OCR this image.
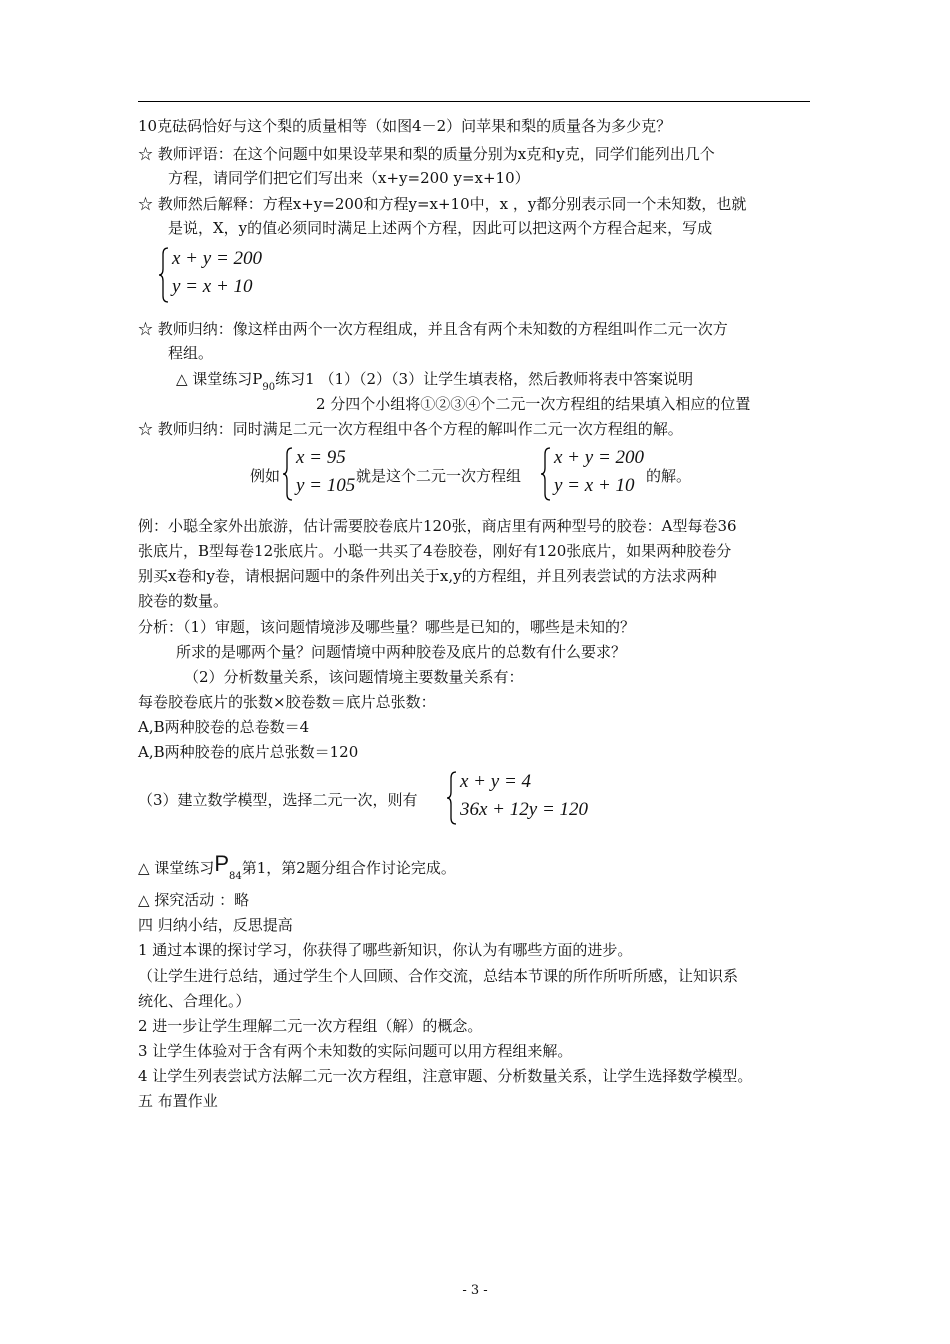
10克砝码恰好与这个梨的质量相等（如图4－2）问苹果和梨的质量各为多少克？
☆ 教师评语：在这个问题中如果设苹果和梨的质量分别为x克和y克，同学们能列出几个
方程，请同学们把它们写出来（x+y=200 y=x+10）
☆ 教师然后解释：方程x+y=200和方程y=x+10中，x ，y都分别表示同一个未知数，也就
是说，X，y的值必须同时满足上述两个方程，因此可以把这两个方程合起来，写成
x + y = 200
y = x + 10
☆ 教师归纳：像这样由两个一次方程组成，并且含有两个未知数的方程组叫作二元一次方
程组。
△ 课堂练习$P_{90}$练习1 （1）（2）（3）让学生填表格，然后教师将表中答案说明
2 分四个小组将①②③④个二元一次方程组的结果填入相应的位置
☆ 教师归纳：同时满足二元一次方程组中各个方程的解叫作二元一次方程组的解。
例如
x = 95
y = 105 就是这个二元一次方程组
x + y = 200
y = x + 10 的解。
例：小聪全家外出旅游，估计需要胶卷底片120张，商店里有两种型号的胶卷：A型每卷36
张底片，B型每卷12张底片。小聪一共买了4卷胶卷，刚好有120张底片，如果两种胶卷分
别买x卷和y卷，请根据问题中的条件列出关于x,y的方程组，并且列表尝试的方法求两种
胶卷的数量。
分析：（1）审题，该问题情境涉及哪些量？哪些是已知的，哪些是未知的？
所求的是哪两个量？问题情境中两种胶卷及底片的总数有什么要求？
（2）分析数量关系，该问题情境主要数量关系有：
每卷胶卷底片的张数×胶卷数＝底片总张数：
A,B两种胶卷的总卷数＝4
A,B两种胶卷的底片总张数＝120
（3）建立数学模型，选择二元一次，则有
x + y = 4
36x + 12y = 120
△ 课堂练习$P_{84}$第1，第2题分组合作讨论完成。
△ 探究活动 ：略
四 归纳小结，反思提高
1 通过本课的探讨学习，你获得了哪些新知识，你认为有哪些方面的进步。
（让学生进行总结，通过学生个人回顾、合作交流，总结本节课的所作所听所感，让知识系
统化、合理化。）
2 进一步让学生理解二元一次方程组（解）的概念。
3 让学生体验对于含有两个未知数的实际问题可以用方程组来解。
4 让学生列表尝试方法解二元一次方程组，注意审题、分析数量关系，让学生选择数学模型。
五 布置作业
- 3 -
